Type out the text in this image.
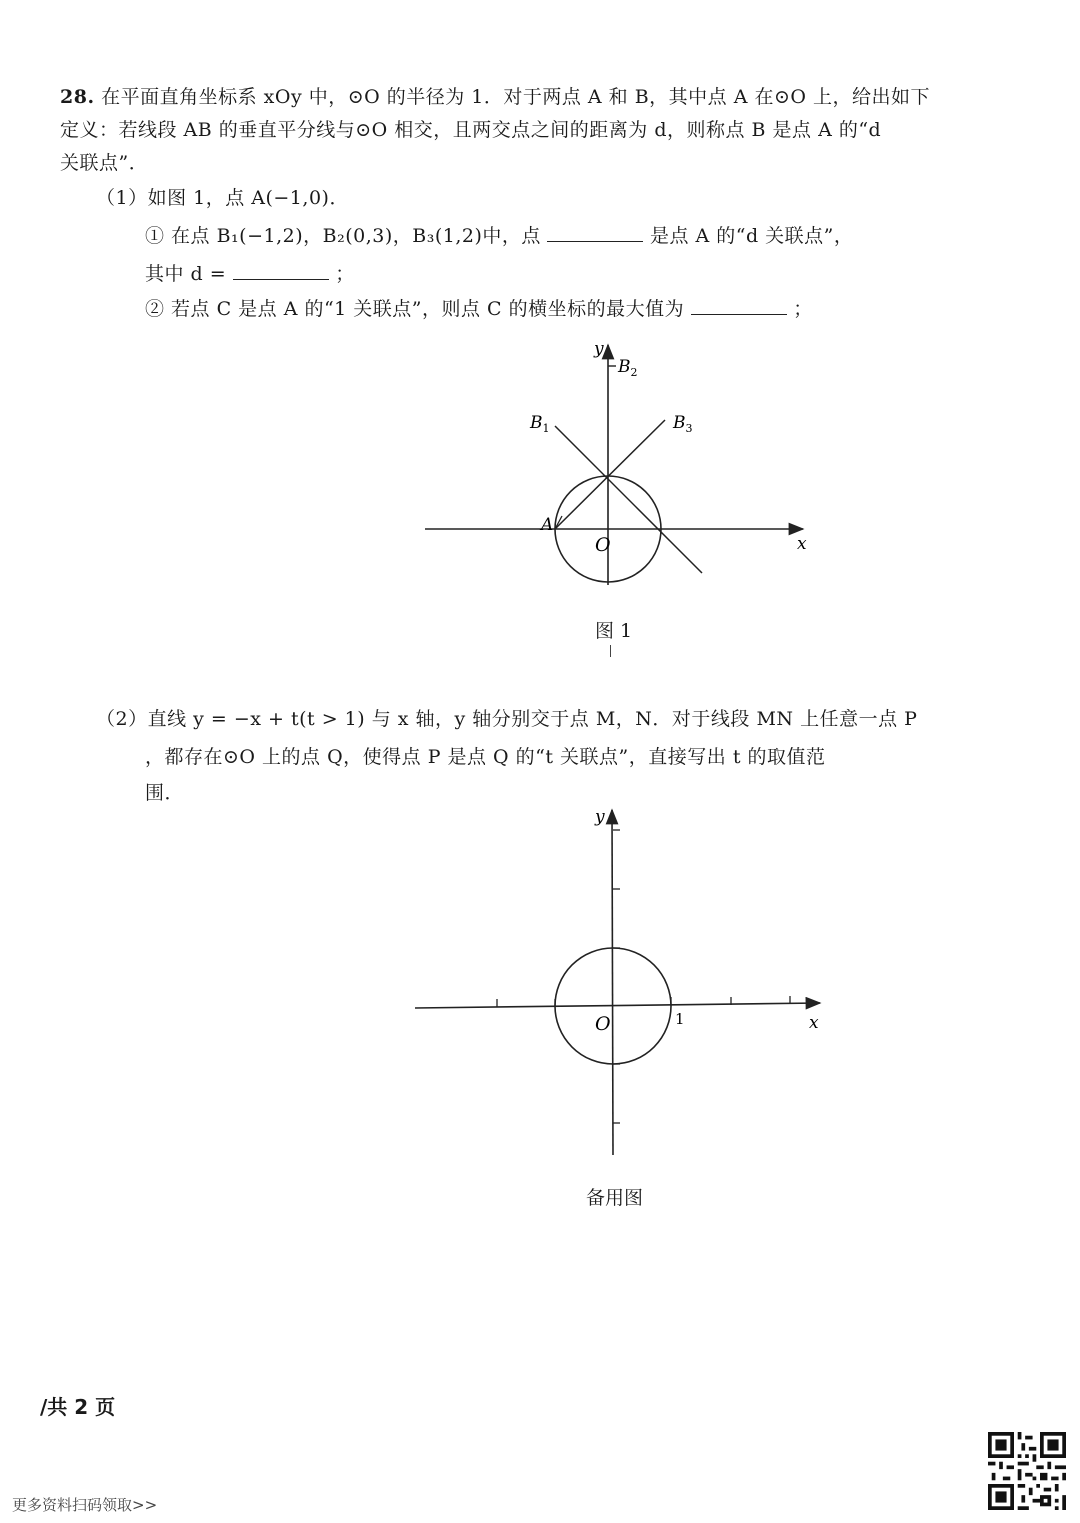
28. 在平面直角坐标系 xOy 中，⊙O 的半径为 1．对于两点 A 和 B，其中点 A 在⊙O 上，给出如下
定义：若线段 AB 的垂直平分线与⊙O 相交，且两交点之间的距离为 d，则称点 B 是点 A 的“d
关联点”．
（1）如图 1，点 A(−1,0)．
① 在点 B₁(−1,2)，B₂(0,3)，B₃(1,2)中，点	是点 A 的“d 关联点”，
其中 d =	；
② 若点 C 是点 A 的“1 关联点”，则点 C 的横坐标的最大值为	；
y
x
O
A
$B_1$
$B_2$
$B_3$
图 1
（2）直线 y = −x + t(t > 1) 与 x 轴，y 轴分别交于点 M，N．对于线段 MN 上任意一点 P
，都存在⊙O 上的点 Q，使得点 P 是点 Q 的“t 关联点”，直接写出 t 的取值范
围．
y
x
O	1
备用图
/共 2 页
更多资料扫码领取>>
